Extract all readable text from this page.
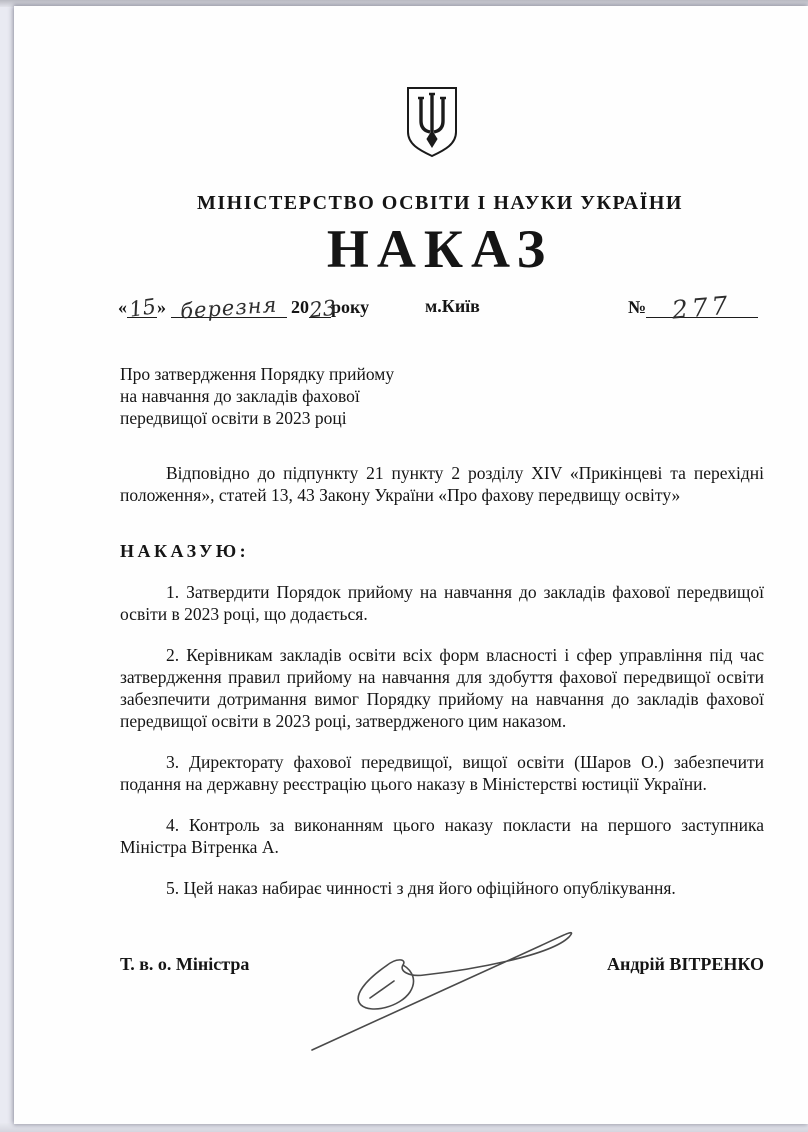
МІНІСТЕРСТВО ОСВІТИ І НАУКИ УКРАЇНИ
НАКАЗ
«15» березня 2023року	м.Київ	№ 277
Про затвердження Порядку прийому
на навчання до закладів фахової
передвищої освіти в 2023 році

Відповідно до підпункту 21 пункту 2 розділу XIV «Прикінцеві та перехідні положення», статей 13, 43 Закону України «Про фахову передвищу освіту»

НАКАЗУЮ:

1. Затвердити Порядок прийому на навчання до закладів фахової передвищої освіти в 2023 році, що додається.

2. Керівникам закладів освіти всіх форм власності і сфер управління під час затвердження правил прийому на навчання для здобуття фахової передвищої освіти забезпечити дотримання вимог Порядку прийому на навчання до закладів фахової передвищої освіти в 2023 році, затвердженого цим наказом.

3. Директорату фахової передвищої, вищої освіти (Шаров О.) забезпечити подання на державну реєстрацію цього наказу в Міністерстві юстиції України.

4. Контроль за виконанням цього наказу покласти на першого заступника Міністра Вітренка А.

5. Цей наказ набирає чинності з дня його офіційного опублікування.

Т. в. о. Міністра	Андрій ВІТРЕНКО
